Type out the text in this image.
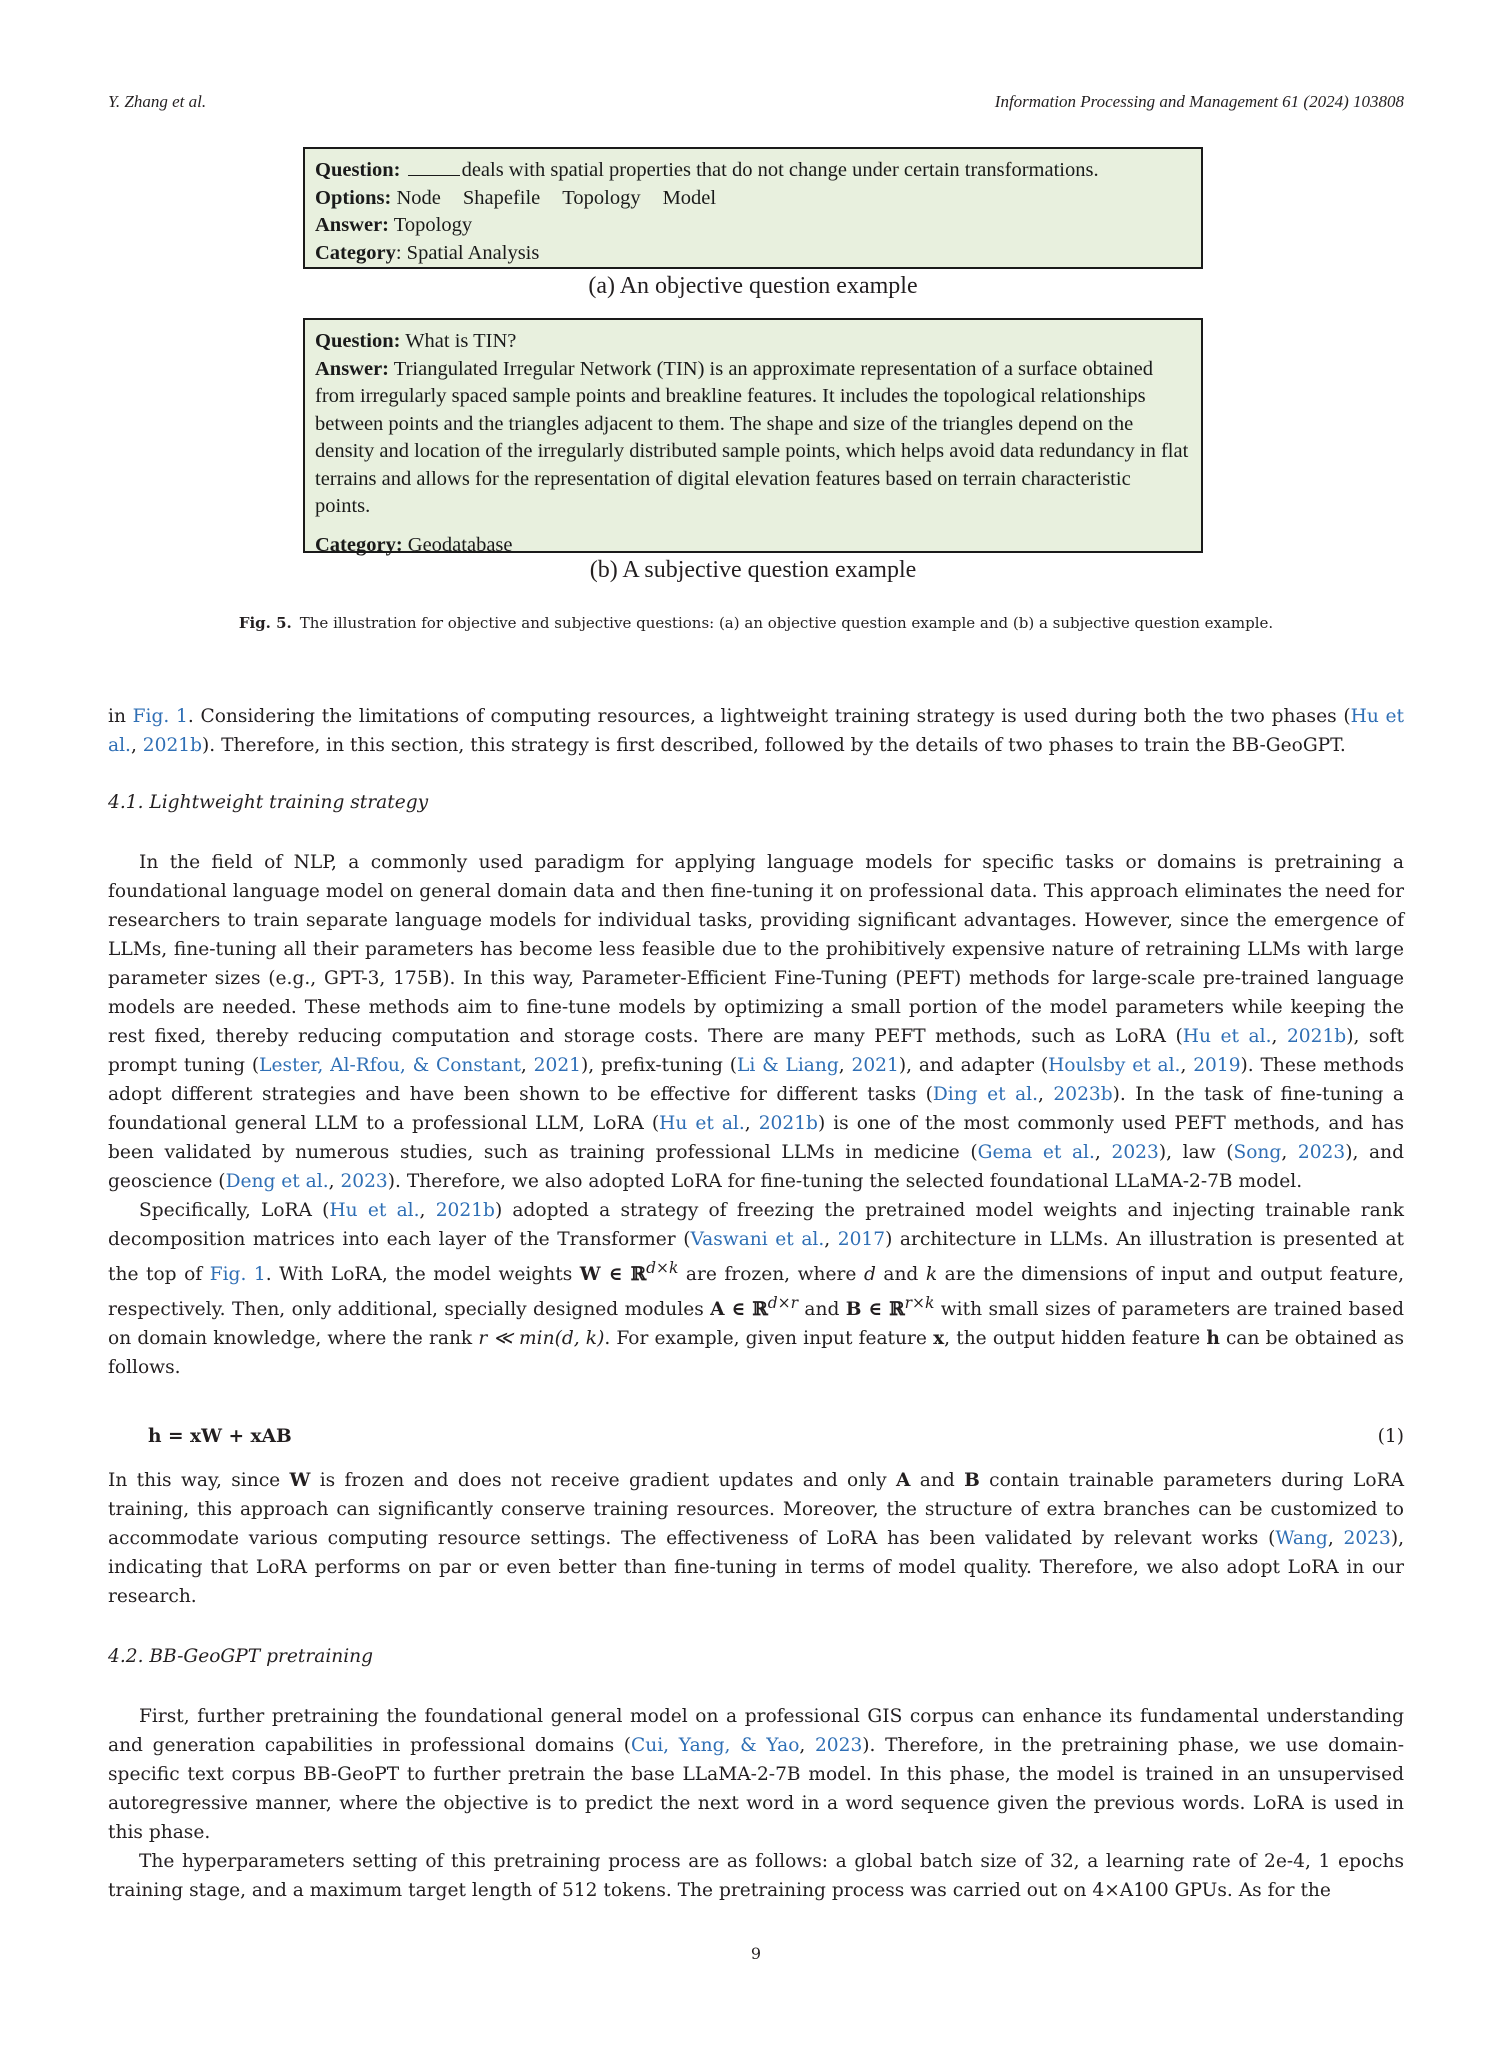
Y. Zhang et al.	Information Processing and Management 61 (2024) 103808
Question:	deals with spatial properties that do not change under certain transformations.
Options: Node Shapefile Topology Model
Answer: Topology
Category: Spatial Analysis
(a) An objective question example
Question: What is TIN?
Answer: Triangulated Irregular Network (TIN) is an approximate representation of a surface obtained from irregularly spaced sample points and breakline features. It includes the topological relationships between points and the triangles adjacent to them. The shape and size of the triangles depend on the density and location of the irregularly distributed sample points, which helps avoid data redundancy in flat terrains and allows for the representation of digital elevation features based on terrain characteristic points.
Category: Geodatabase
(b) A subjective question example
Fig. 5. The illustration for objective and subjective questions: (a) an objective question example and (b) a subjective question example.

in Fig. 1. Considering the limitations of computing resources, a lightweight training strategy is used during both the two phases (Hu et al., 2021b). Therefore, in this section, this strategy is first described, followed by the details of two phases to train the BB-GeoGPT.

4.1. Lightweight training strategy

In the field of NLP, a commonly used paradigm for applying language models for specific tasks or domains is pretraining a foundational language model on general domain data and then fine-tuning it on professional data. This approach eliminates the need for researchers to train separate language models for individual tasks, providing significant advantages. However, since the emergence of LLMs, fine-tuning all their parameters has become less feasible due to the prohibitively expensive nature of retraining LLMs with large parameter sizes (e.g., GPT-3, 175B). In this way, Parameter-Efficient Fine-Tuning (PEFT) methods for large-scale pre-trained language models are needed. These methods aim to fine-tune models by optimizing a small portion of the model parameters while keeping the rest fixed, thereby reducing computation and storage costs. There are many PEFT methods, such as LoRA (Hu et al., 2021b), soft prompt tuning (Lester, Al-Rfou, & Constant, 2021), prefix-tuning (Li & Liang, 2021), and adapter (Houlsby et al., 2019). These methods adopt different strategies and have been shown to be effective for different tasks (Ding et al., 2023b). In the task of fine-tuning a foundational general LLM to a professional LLM, LoRA (Hu et al., 2021b) is one of the most commonly used PEFT methods, and has been validated by numerous studies, such as training professional LLMs in medicine (Gema et al., 2023), law (Song, 2023), and geoscience (Deng et al., 2023). Therefore, we also adopted LoRA for fine-tuning the selected foundational LLaMA-2-7B model.

Specifically, LoRA (Hu et al., 2021b) adopted a strategy of freezing the pretrained model weights and injecting trainable rank decomposition matrices into each layer of the Transformer (Vaswani et al., 2017) architecture in LLMs. An illustration is presented at the top of Fig. 1. With LoRA, the model weights W ∈ ℝ$^{d\times k}$ are frozen, where d and k are the dimensions of input and output feature, respectively. Then, only additional, specially designed modules A ∈ ℝ$^{d\times r}$ and B ∈ ℝ$^{r\times k}$ with small sizes of parameters are trained based on domain knowledge, where the rank r ≪ min(d, k). For example, given input feature x, the output hidden feature h can be obtained as follows.

h = xW + xAB	(1)

In this way, since W is frozen and does not receive gradient updates and only A and B contain trainable parameters during LoRA training, this approach can significantly conserve training resources. Moreover, the structure of extra branches can be customized to accommodate various computing resource settings. The effectiveness of LoRA has been validated by relevant works (Wang, 2023), indicating that LoRA performs on par or even better than fine-tuning in terms of model quality. Therefore, we also adopt LoRA in our research.

4.2. BB-GeoGPT pretraining

First, further pretraining the foundational general model on a professional GIS corpus can enhance its fundamental understanding and generation capabilities in professional domains (Cui, Yang, & Yao, 2023). Therefore, in the pretraining phase, we use domain-specific text corpus BB-GeoPT to further pretrain the base LLaMA-2-7B model. In this phase, the model is trained in an unsupervised autoregressive manner, where the objective is to predict the next word in a word sequence given the previous words. LoRA is used in this phase.

The hyperparameters setting of this pretraining process are as follows: a global batch size of 32, a learning rate of 2e-4, 1 epochs training stage, and a maximum target length of 512 tokens. The pretraining process was carried out on 4×A100 GPUs. As for the

9
